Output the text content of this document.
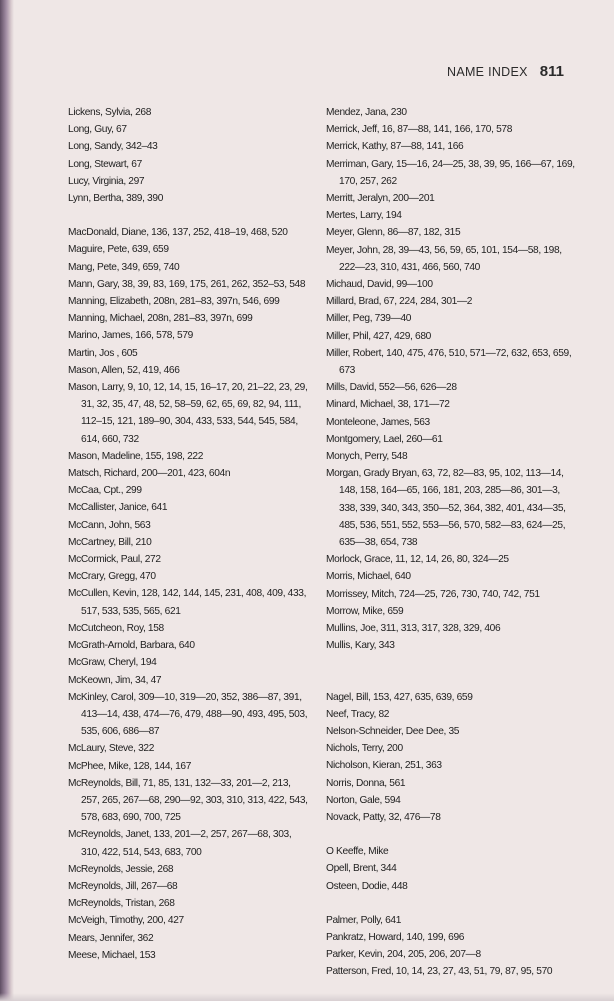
NAME INDEX 811
Lickens, Sylvia, 268
Long, Guy, 67
Long, Sandy, 342–43
Long, Stewart, 67
Lucy, Virginia, 297
Lynn, Bertha, 389, 390
MacDonald, Diane, 136, 137, 252, 418–19, 468, 520
Maguire, Pete, 639, 659
Mang, Pete, 349, 659, 740
Mann, Gary, 38, 39, 83, 169, 175, 261, 262, 352–53, 548
Manning, Elizabeth, 208n, 281–83, 397n, 546, 699
Manning, Michael, 208n, 281–83, 397n, 699
Marino, James, 166, 578, 579
Martin, Jos , 605
Mason, Allen, 52, 419, 466
Mason, Larry, 9, 10, 12, 14, 15, 16–17, 20, 21–22, 23, 29, 31, 32, 35, 47, 48, 52, 58–59, 62, 65, 69, 82, 94, 111, 112–15, 121, 189–90, 304, 433, 533, 544, 545, 584, 614, 660, 732
Mason, Madeline, 155, 198, 222
Matsch, Richard, 200—201, 423, 604n
McCaa, Cpt., 299
McCallister, Janice, 641
McCann, John, 563
McCartney, Bill, 210
McCormick, Paul, 272
McCrary, Gregg, 470
McCullen, Kevin, 128, 142, 144, 145, 231, 408, 409, 433, 517, 533, 535, 565, 621
McCutcheon, Roy, 158
McGrath-Arnold, Barbara, 640
McGraw, Cheryl, 194
McKeown, Jim, 34, 47
McKinley, Carol, 309—10, 319—20, 352, 386—87, 391, 413—14, 438, 474—76, 479, 488—90, 493, 495, 503, 535, 606, 686—87
McLaury, Steve, 322
McPhee, Mike, 128, 144, 167
McReynolds, Bill, 71, 85, 131, 132—33, 201—2, 213, 257, 265, 267—68, 290—92, 303, 310, 313, 422, 543, 578, 683, 690, 700, 725
McReynolds, Janet, 133, 201—2, 257, 267—68, 303, 310, 422, 514, 543, 683, 700
McReynolds, Jessie, 268
McReynolds, Jill, 267—68
McReynolds, Tristan, 268
McVeigh, Timothy, 200, 427
Mears, Jennifer, 362
Meese, Michael, 153
Mendez, Jana, 230
Merrick, Jeff, 16, 87—88, 141, 166, 170, 578
Merrick, Kathy, 87—88, 141, 166
Merriman, Gary, 15—16, 24—25, 38, 39, 95, 166—67, 169, 170, 257, 262
Merritt, Jeralyn, 200—201
Mertes, Larry, 194
Meyer, Glenn, 86—87, 182, 315
Meyer, John, 28, 39—43, 56, 59, 65, 101, 154—58, 198, 222—23, 310, 431, 466, 560, 740
Michaud, David, 99—100
Millard, Brad, 67, 224, 284, 301—2
Miller, Peg, 739—40
Miller, Phil, 427, 429, 680
Miller, Robert, 140, 475, 476, 510, 571—72, 632, 653, 659, 673
Mills, David, 552—56, 626—28
Minard, Michael, 38, 171—72
Monteleone, James, 563
Montgomery, Lael, 260—61
Monych, Perry, 548
Morgan, Grady Bryan, 63, 72, 82—83, 95, 102, 113—14, 148, 158, 164—65, 166, 181, 203, 285—86, 301—3, 338, 339, 340, 343, 350—52, 364, 382, 401, 434—35, 485, 536, 551, 552, 553—56, 570, 582—83, 624—25, 635—38, 654, 738
Morlock, Grace, 11, 12, 14, 26, 80, 324—25
Morris, Michael, 640
Morrissey, Mitch, 724—25, 726, 730, 740, 742, 751
Morrow, Mike, 659
Mullins, Joe, 311, 313, 317, 328, 329, 406
Mullis, Kary, 343
Nagel, Bill, 153, 427, 635, 639, 659
Neef, Tracy, 82
Nelson-Schneider, Dee Dee, 35
Nichols, Terry, 200
Nicholson, Kieran, 251, 363
Norris, Donna, 561
Norton, Gale, 594
Novack, Patty, 32, 476—78
O Keeffe, Mike
Opell, Brent, 344
Osteen, Dodie, 448
Palmer, Polly, 641
Pankratz, Howard, 140, 199, 696
Parker, Kevin, 204, 205, 206, 207—8
Patterson, Fred, 10, 14, 23, 27, 43, 51, 79, 87, 95, 570
